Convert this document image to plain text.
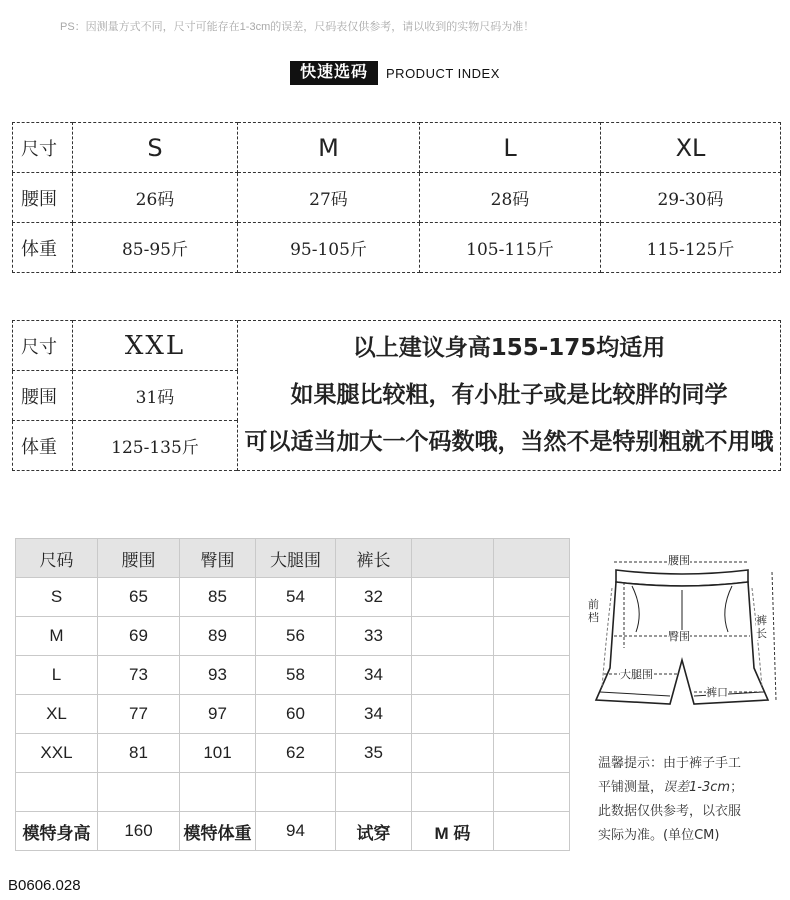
PS：因测量方式不同，尺寸可能存在1-3cm的误差，尺码表仅供参考，请以收到的实物尺码为准！
快速选码	PRODUCT INDEX
尺寸	S	M	L	XL
腰围	26码	27码	28码	29-30码
体重	85-95斤	95-105斤	105-115斤	115-125斤
尺寸	XXL	以上建议身高155-175均适用
如果腿比较粗，有小肚子或是比较胖的同学
可以适当加大一个码数哦，当然不是特别粗就不用哦

腰围	31码	
体重	125-135斤	
尺码	腰围	臀围	大腿围	裤长		
S	65	85	54	32		
M	69	89	56	33		
L	73	93	58	34		
XL	77	97	60	34		
XXL	81	101	62	35		

模特身高	160	模特体重	94	试穿	M 码	
腰围
前档
臀围
裤长
大腿围
裤口
温馨提示：由于裤子手工
平铺测量，误差1-3cm；
此数据仅供参考，以衣服
实际为准。(单位CM)
B0606.028
